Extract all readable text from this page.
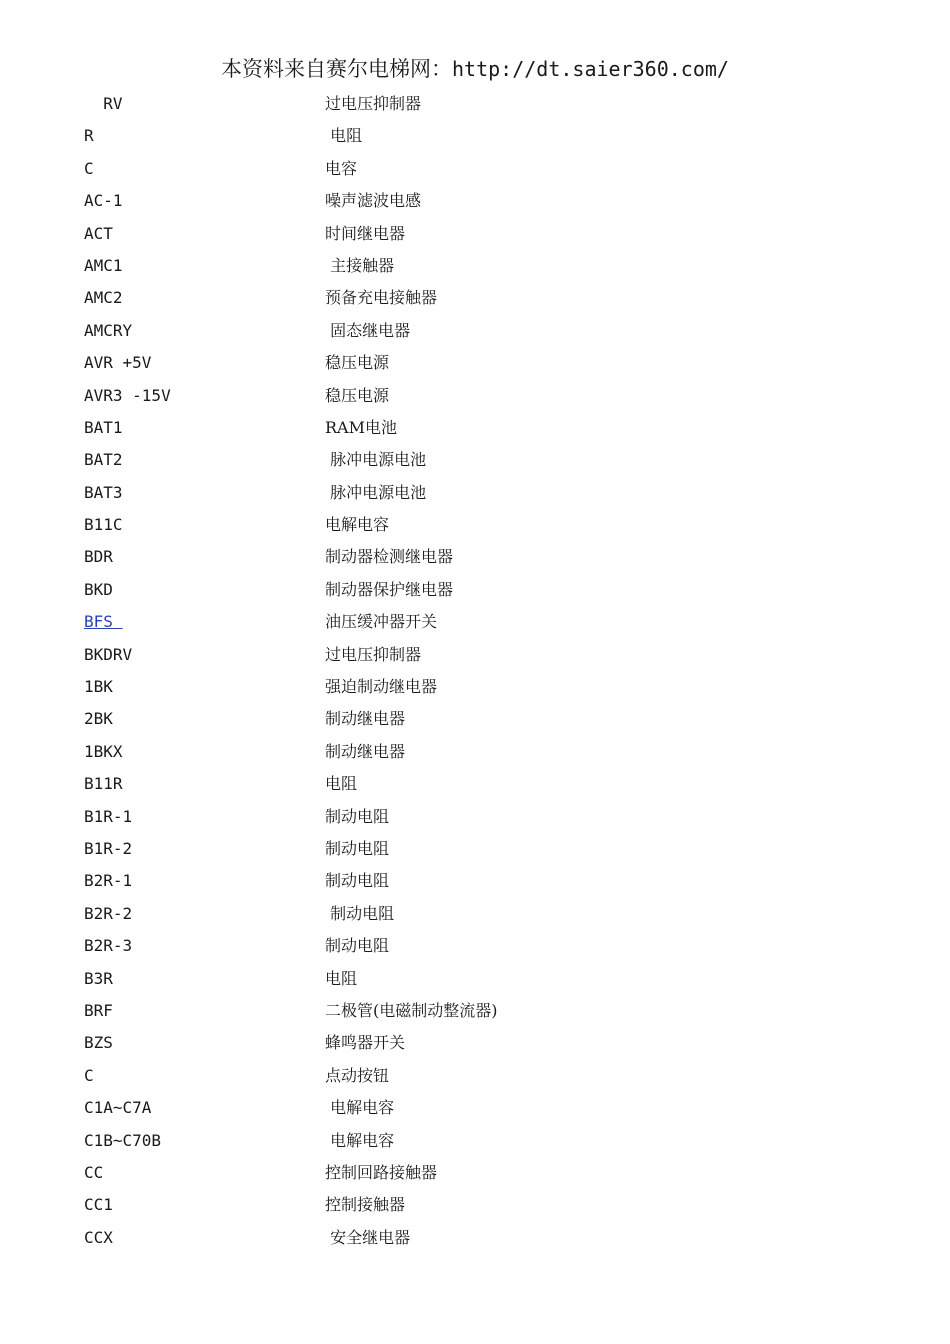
本资料来自赛尔电梯网：http://dt.saier360.com/
RV	过电压抑制器
R	电阻
C	电容
AC-1	噪声滤波电感
ACT	时间继电器
AMC1	主接触器
AMC2	预备充电接触器
AMCRY	固态继电器
AVR +5V	稳压电源
AVR3 -15V	稳压电源
BAT1	RAM电池
BAT2	脉冲电源电池
BAT3	脉冲电源电池
B11C	电解电容
BDR	制动器检测继电器
BKD	制动器保护继电器
BFS	油压缓冲器开关
BKDRV	过电压抑制器
1BK	强迫制动继电器
2BK	制动继电器
1BKX	制动继电器
B11R	电阻
B1R-1	制动电阻
B1R-2	制动电阻
B2R-1	制动电阻
B2R-2	制动电阻
B2R-3	制动电阻
B3R	电阻
BRF	二极管(电磁制动整流器)
BZS	蜂鸣器开关
C	点动按钮
C1A~C7A	电解电容
C1B~C70B	电解电容
CC	控制回路接触器
CC1	控制接触器
CCX	安全继电器
